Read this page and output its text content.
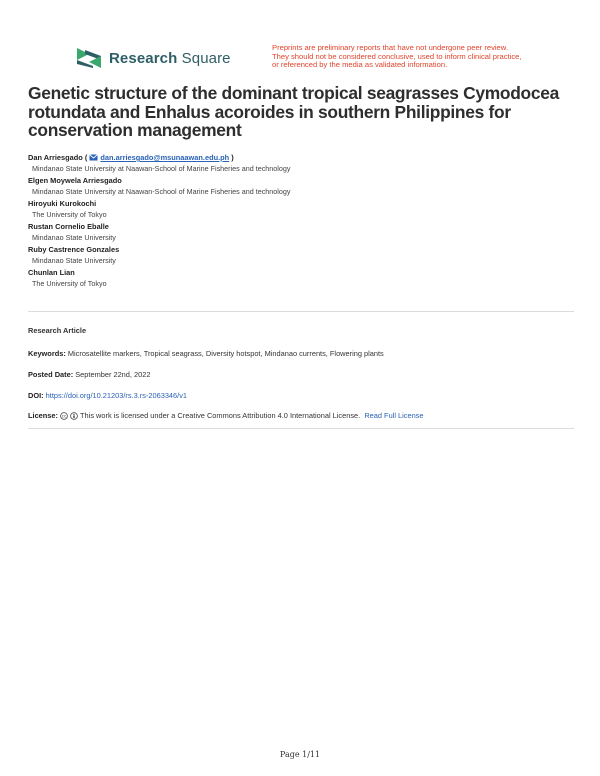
Research Square
Preprints are preliminary reports that have not undergone peer review.
They should not be considered conclusive, used to inform clinical practice,
or referenced by the media as validated information.
Genetic structure of the dominant tropical seagrasses Cymodocea rotundata and Enhalus acoroides in southern Philippines for conservation management
Dan Arriesgado (  dan.arriesgado@msunaawan.edu.ph )
Mindanao State University at Naawan-School of Marine Fisheries and technology
Elgen Moywela Arriesgado
Mindanao State University at Naawan-School of Marine Fisheries and technology
Hiroyuki Kurokochi
The University of Tokyo
Rustan Cornelio Eballe
Mindanao State University
Ruby Castrence Gonzales
Mindanao State University
Chunlan Lian
The University of Tokyo
Research Article
Keywords: Microsatellite markers, Tropical seagrass, Diversity hotspot, Mindanao currents, Flowering plants
Posted Date: September 22nd, 2022
DOI: https://doi.org/10.21203/rs.3.rs-2063346/v1
License: cc This work is licensed under a Creative Commons Attribution 4.0 International License. Read Full License
Page 1/11
